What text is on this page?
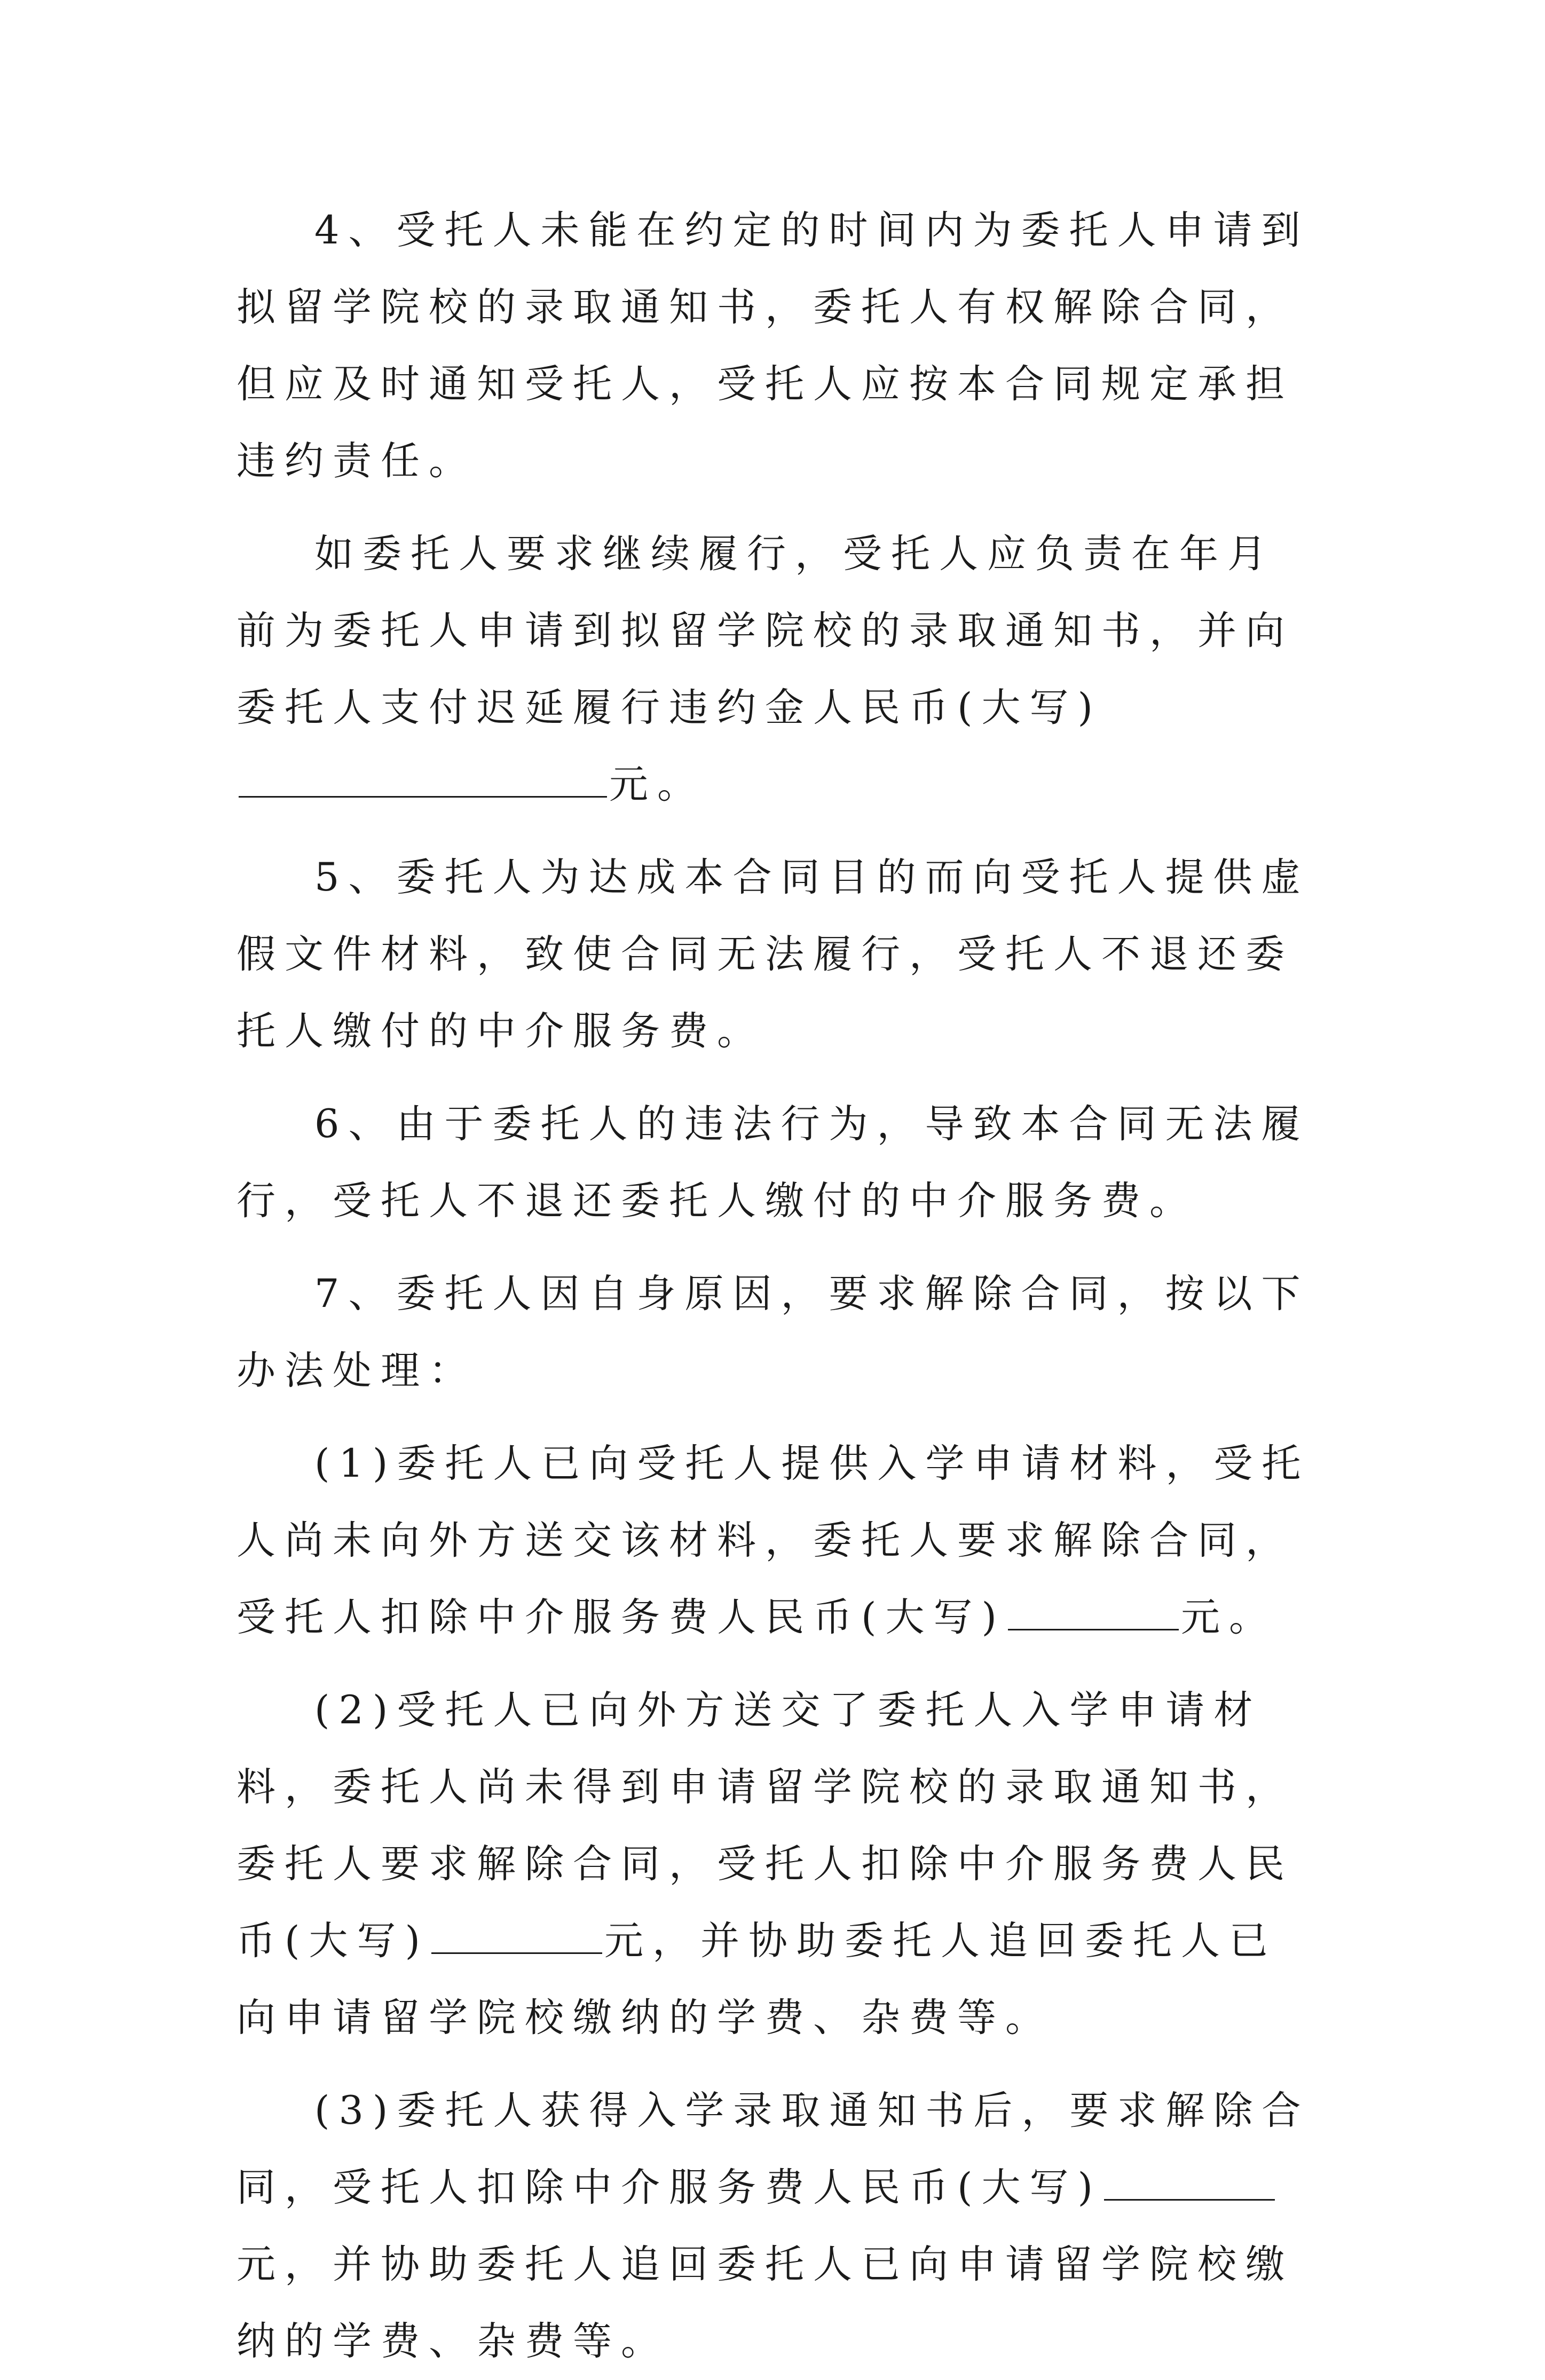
4、受托人未能在约定的时间内为委托人申请到拟留学院校的录取通知书，委托人有权解除合同，但应及时通知受托人，受托人应按本合同规定承担违约责任。

如委托人要求继续履行，受托人应负责在年月前为委托人申请到拟留学院校的录取通知书，并向委托人支付迟延履行违约金人民币(大写)元。

5、委托人为达成本合同目的而向受托人提供虚假文件材料，致使合同无法履行，受托人不退还委托人缴付的中介服务费。

6、由于委托人的违法行为，导致本合同无法履行，受托人不退还委托人缴付的中介服务费。

7、委托人因自身原因，要求解除合同，按以下办法处理：

(1)委托人已向受托人提供入学申请材料，受托人尚未向外方送交该材料，委托人要求解除合同，受托人扣除中介服务费人民币(大写)	元。

(2)受托人已向外方送交了委托人入学申请材料，委托人尚未得到申请留学院校的录取通知书，委托人要求解除合同，受托人扣除中介服务费人民币(大写)	元，并协助委托人追回委托人已向申请留学院校缴纳的学费、杂费等。

(3)委托人获得入学录取通知书后，要求解除合同，受托人扣除中介服务费人民币(大写)元，并协助委托人追回委托人已向申请留学院校缴纳的学费、杂费等。
